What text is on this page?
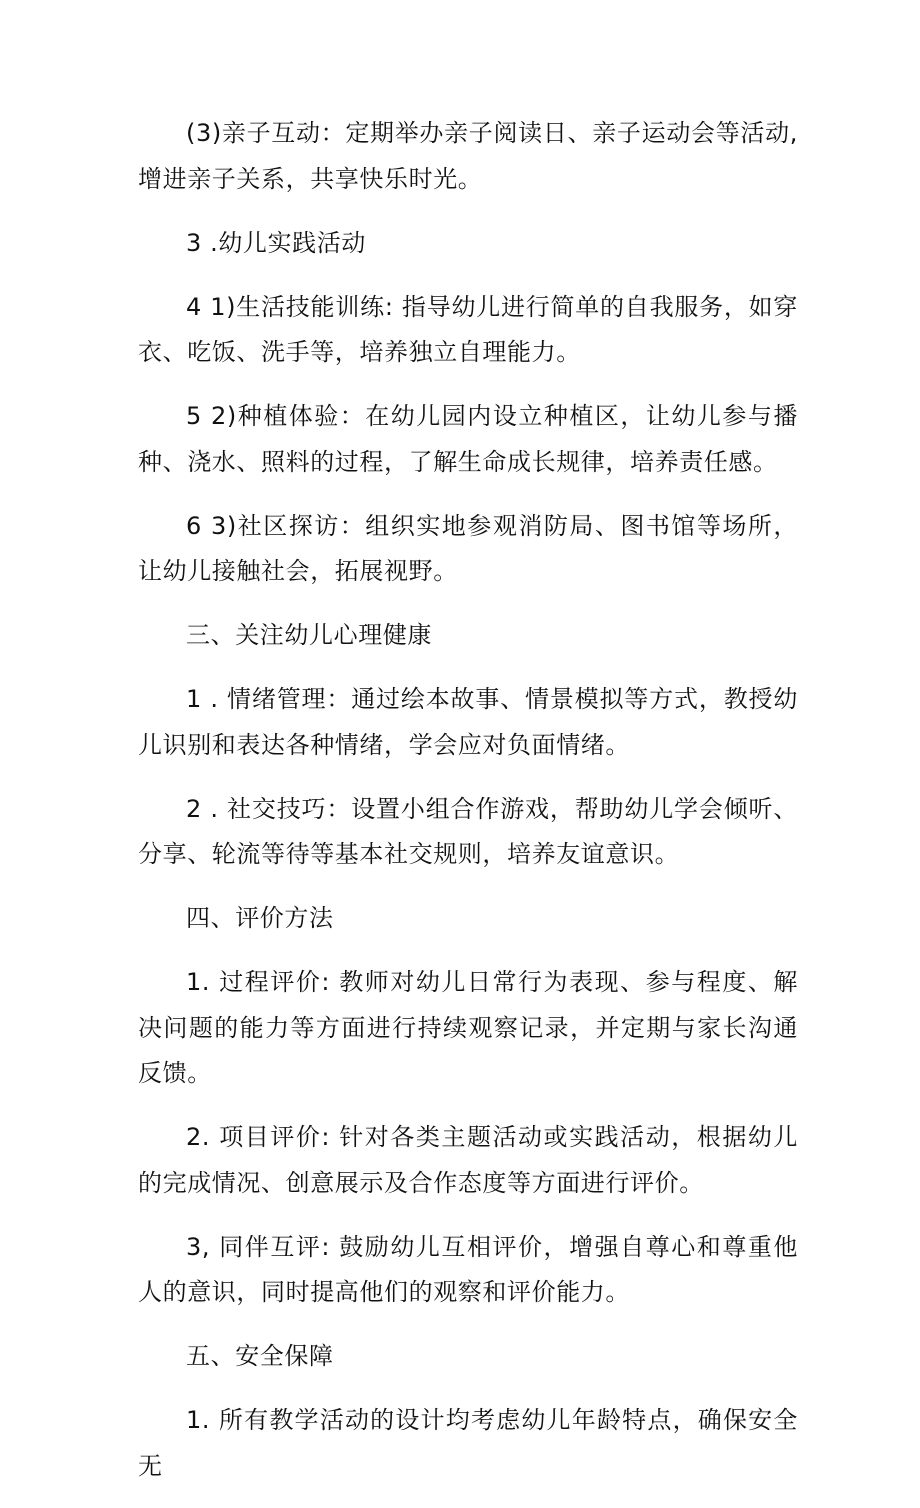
(3)亲子互动：定期举办亲子阅读日、亲子运动会等活动,增进亲子关系，共享快乐时光。

3 .幼儿实践活动

4 1)生活技能训练: 指导幼儿进行简单的自我服务，如穿衣、吃饭、洗手等，培养独立自理能力。

5 2)种植体验：在幼儿园内设立种植区，让幼儿参与播种、浇水、照料的过程，了解生命成长规律，培养责任感。

6 3)社区探访：组织实地参观消防局、图书馆等场所，让幼儿接触社会，拓展视野。

三、关注幼儿心理健康

1 . 情绪管理：通过绘本故事、情景模拟等方式，教授幼儿识别和表达各种情绪，学会应对负面情绪。

2 . 社交技巧：设置小组合作游戏，帮助幼儿学会倾听、分享、轮流等待等基本社交规则，培养友谊意识。

四、评价方法

1. 过程评价: 教师对幼儿日常行为表现、参与程度、解决问题的能力等方面进行持续观察记录，并定期与家长沟通反馈。

2. 项目评价: 针对各类主题活动或实践活动，根据幼儿的完成情况、创意展示及合作态度等方面进行评价。

3, 同伴互评: 鼓励幼儿互相评价，增强自尊心和尊重他人的意识，同时提高他们的观察和评价能力。

五、安全保障

1. 所有教学活动的设计均考虑幼儿年龄特点，确保安全无
